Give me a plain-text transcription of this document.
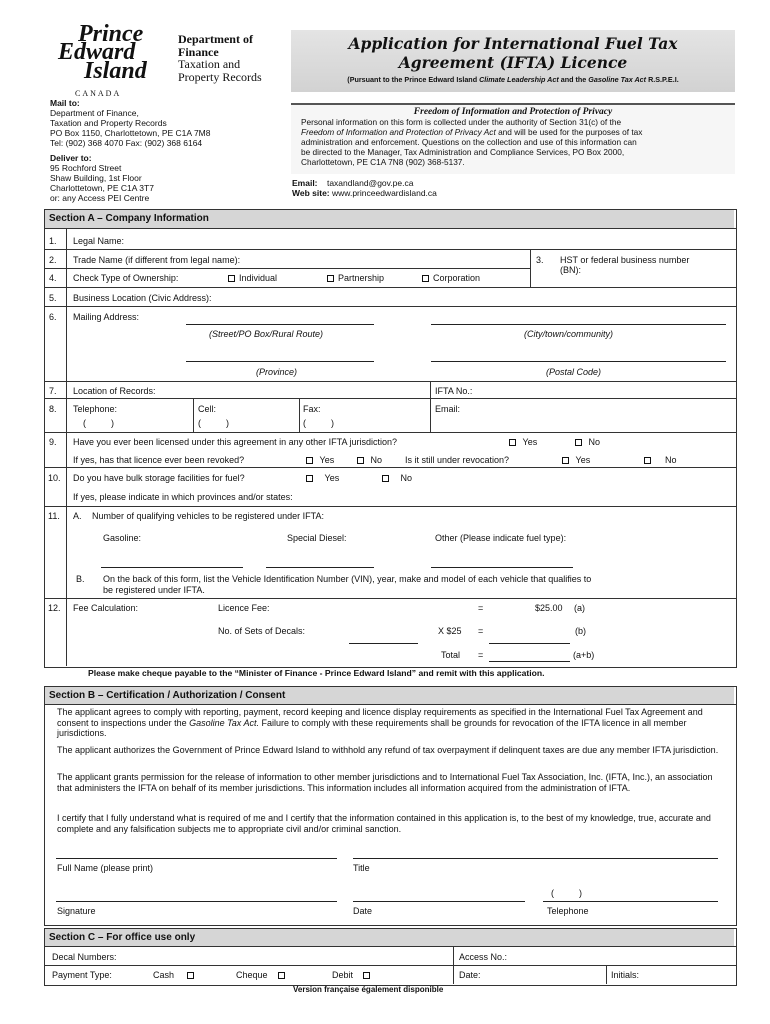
Prince
Edward
Island
CANADA
Department of
Finance
Taxation and
Property Records
Application for International Fuel Tax
Agreement (IFTA) Licence
(Pursuant to the Prince Edward Island Climate Leadership Act and the Gasoline Tax Act R.S.P.E.I.
Mail to:
Department of Finance,
Taxation and Property Records
PO Box 1150, Charlottetown, PE C1A 7M8
Tel: (902) 368 4070 Fax: (902) 368 6164
Deliver to:
95 Rochford Street
Shaw Building, 1st Floor
Charlottetown, PE C1A 3T7
or: any Access PEI Centre
Freedom of Information and Protection of Privacy
Personal information on this form is collected under the authority of Section 31(c) of the
Freedom of Information and Protection of Privacy Act and will be used for the purposes of tax
administration and enforcement. Questions on the collection and use of this information can
be directed to the Manager, Tax Administration and Compliance Services, PO Box 2000,
Charlottetown, PE C1A 7N8 (902) 368-5137.
Email: taxandland@gov.pe.ca
Web site: www.princeedwardisland.ca
Section A – Company Information
1. Legal Name:
2. Trade Name (if different from legal name):	3. HST or federal business number
(BN):
4. Check Type of Ownership:	Individual	Partnership	Corporation
5. Business Location (Civic Address):
6. Mailing Address:
(Street/PO Box/Rural Route)	(City/town/community)
(Province)	(Postal Code)
7. Location of Records:	IFTA No.:
8. Telephone:	Cell:	Fax:	Email:
(          )	(          )	(          )
9. Have you ever been licensed under this agreement in any other IFTA jurisdiction?	Yes	No
If yes, has that licence ever been revoked?	Yes	No	Is it still under revocation?	Yes	No
10. Do you have bulk storage facilities for fuel?	Yes	No
If yes, please indicate in which provinces and/or states:
11. A. Number of qualifying vehicles to be registered under IFTA:
Gasoline:	Special Diesel:	Other (Please indicate fuel type):
B. On the back of this form, list the Vehicle Identification Number (VIN), year, make and model of each vehicle that qualifies to
be registered under IFTA.
12. Fee Calculation:	Licence Fee:	=	$25.00 (a)
No. of Sets of Decals:	X $25 =	(b)
Total =	(a+b)
Please make cheque payable to the “Minister of Finance - Prince Edward Island” and remit with this application.
Section B – Certification / Authorization / Consent
The applicant agrees to comply with reporting, payment, record keeping and licence display requirements as specified in the International Fuel Tax Agreement and consent to inspections under the Gasoline Tax Act. Failure to comply with these requirements shall be grounds for revocation of the IFTA licence in all member jurisdictions.
The applicant authorizes the Government of Prince Edward Island to withhold any refund of tax overpayment if delinquent taxes are due any member IFTA jurisdiction.
The applicant grants permission for the release of information to other member jurisdictions and to International Fuel Tax Association, Inc. (IFTA, Inc.), an association that administers the IFTA on behalf of its member jurisdictions. This information includes all information acquired from the administration of IFTA.
I certify that I fully understand what is required of me and I certify that the information contained in this application is, to the best of my knowledge, true, accurate and complete and any falsification subjects me to appropriate civil and/or criminal sanction.
Full Name (please print)	Title
(          )
Signature	Date	Telephone
Section C – For office use only
Decal Numbers:	Access No.:
Payment Type:	Cash	Cheque	Debit	Date:	Initials:
Version française également disponible
